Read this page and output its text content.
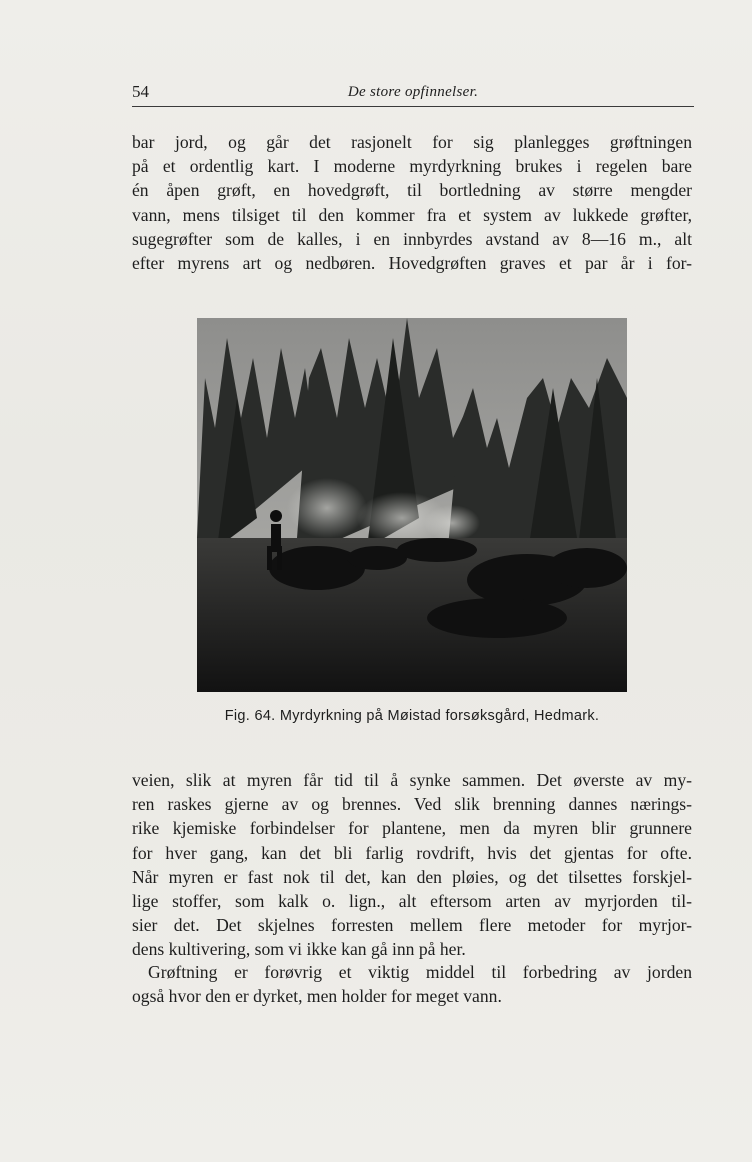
54	De store opfinnelser.

bar jord, og går det rasjonelt for sig planlegges grøftningen
på et ordentlig kart. I moderne myrdyrkning brukes i regelen bare
én åpen grøft, en hovedgrøft, til bortledning av større mengder
vann, mens tilsiget til den kommer fra et system av lukkede grøfter,
sugegrøfter som de kalles, i en innbyrdes avstand av 8—16 m., alt
efter myrens art og nedbøren. Hovedgrøften graves et par år i for-

Fig. 64. Myrdyrkning på Møistad forsøksgård, Hedmark.

veien, slik at myren får tid til å synke sammen. Det øverste av my-
ren raskes gjerne av og brennes. Ved slik brenning dannes nærings-
rike kjemiske forbindelser for plantene, men da myren blir grunnere
for hver gang, kan det bli farlig rovdrift, hvis det gjentas for ofte.
Når myren er fast nok til det, kan den pløies, og det tilsettes forskjel-
lige stoffer, som kalk o. lign., alt eftersom arten av myrjorden til-
sier det. Det skjelnes forresten mellem flere metoder for myrjor-
dens kultivering, som vi ikke kan gå inn på her.

Grøftning er forøvrig et viktig middel til forbedring av jorden
også hvor den er dyrket, men holder for meget vann.
